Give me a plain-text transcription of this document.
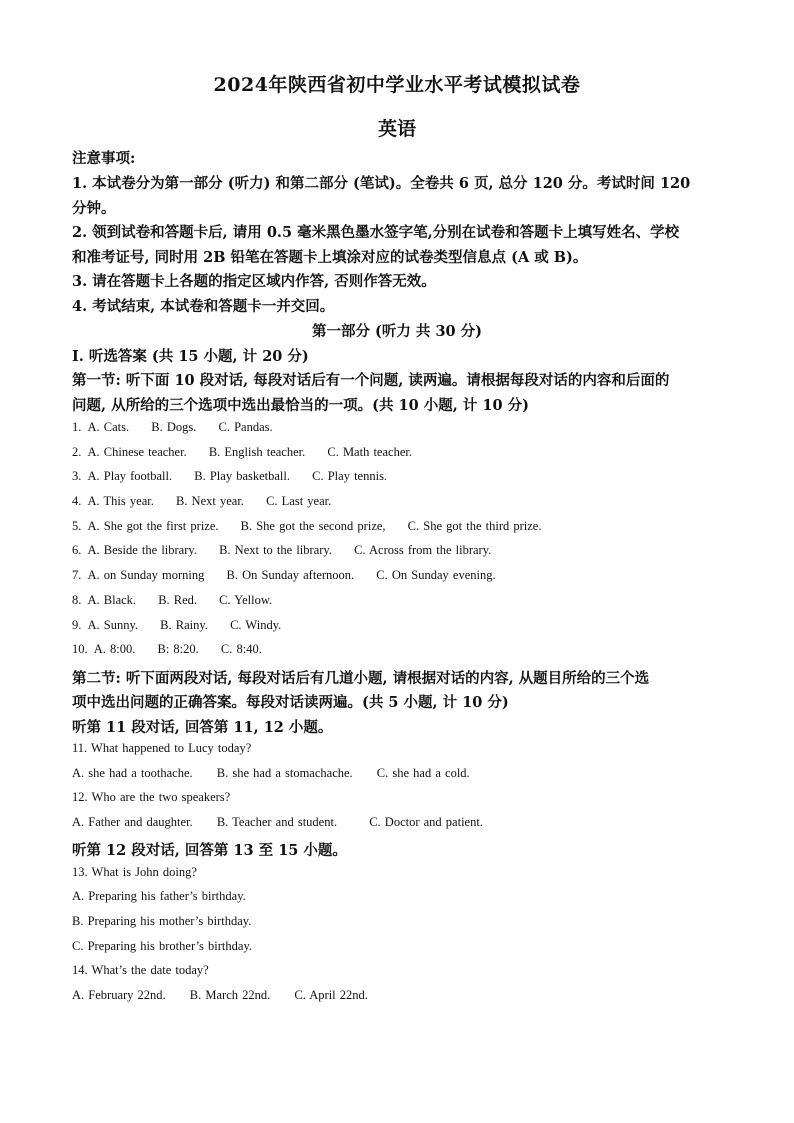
2024年陕西省初中学业水平考试模拟试卷
英语
注意事项:
1. 本试卷分为第一部分 (听力) 和第二部分 (笔试)。全卷共 6 页, 总分 120 分。考试时间 120
分钟。
2. 领到试卷和答题卡后, 请用 0.5 毫米黑色墨水签字笔,分别在试卷和答题卡上填写姓名、学校
和准考证号, 同时用 2B 铅笔在答题卡上填涂对应的试卷类型信息点 (A 或 B)。
3. 请在答题卡上各题的指定区域内作答, 否则作答无效。
4. 考试结束, 本试卷和答题卡一并交回。
第一部分 (听力 共 30 分)
I. 听选答案 (共 15 小题, 计 20 分)
第一节: 听下面 10 段对话, 每段对话后有一个问题, 读两遍。请根据每段对话的内容和后面的
问题, 从所给的三个选项中选出最恰当的一项。(共 10 小题, 计 10 分)
1. A. Cats. B. Dogs. C. Pandas.
2. A. Chinese teacher. B. English teacher. C. Math teacher.
3. A. Play football. B. Play basketball. C. Play tennis.
4. A. This year. B. Next year. C. Last year.
5. A. She got the first prize. B. She got the second prize, C. She got the third prize.
6. A. Beside the library. B. Next to the library. C. Across from the library.
7. A. on Sunday morning B. On Sunday afternoon. C. On Sunday evening.
8. A. Black. B. Red. C. Yellow.
9. A. Sunny. B. Rainy. C. Windy.
10. A. 8:00. B: 8:20. C. 8:40.
第二节: 听下面两段对话, 每段对话后有几道小题, 请根据对话的内容, 从题目所给的三个选
项中选出问题的正确答案。每段对话读两遍。(共 5 小题, 计 10 分)
听第 11 段对话, 回答第 11, 12 小题。
11. What happened to Lucy today?
A. she had a toothache. B. she had a stomachache. C. she had a cold.
12. Who are the two speakers?
A. Father and daughter. B. Teacher and student.	C. Doctor and patient.
听第 12 段对话, 回答第 13 至 15 小题。
13. What is John doing?
A. Preparing his father’s birthday.
B. Preparing his mother’s birthday.
C. Preparing his brother’s birthday.
14. What’s the date today?
A. February 22nd. B. March 22nd. C. April 22nd.
